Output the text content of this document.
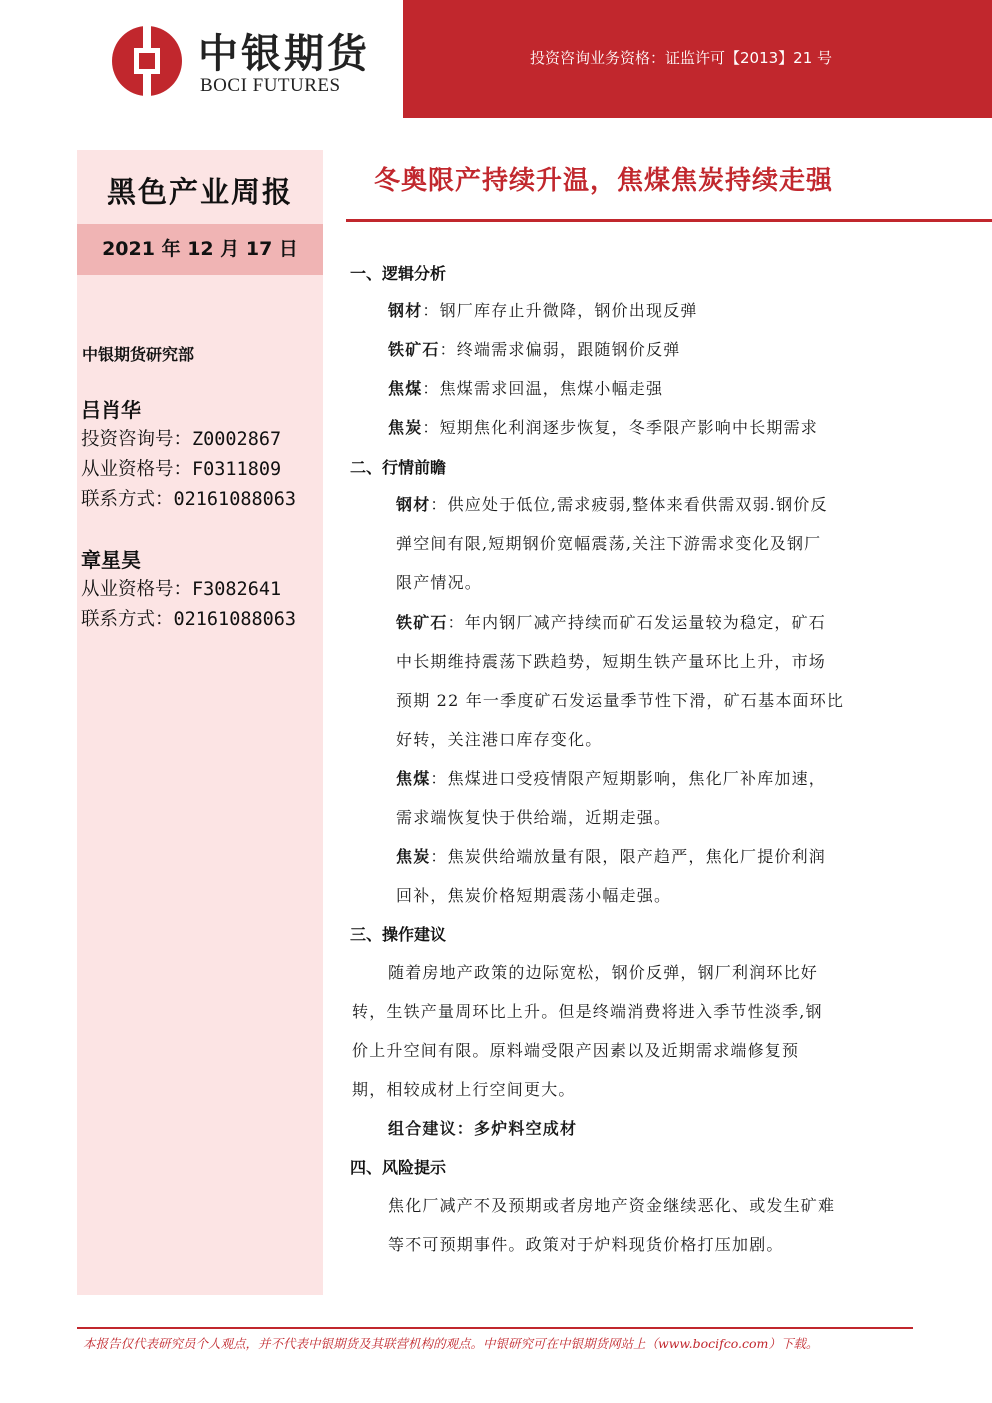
中银期货
BOCI FUTURES
投资咨询业务资格：证监许可【2013】21 号
黑色产业周报
2021 年 12 月 17 日
中银期货研究部
吕肖华
投资咨询号：Z0002867
从业资格号：F0311809
联系方式：02161088063
章星昊
从业资格号：F3082641
联系方式：02161088063
冬奥限产持续升温，焦煤焦炭持续走强
一、逻辑分析
钢材：钢厂库存止升微降，钢价出现反弹
铁矿石：终端需求偏弱，跟随钢价反弹
焦煤：焦煤需求回温，焦煤小幅走强
焦炭：短期焦化利润逐步恢复，冬季限产影响中长期需求
二、行情前瞻
钢材：供应处于低位,需求疲弱,整体来看供需双弱.钢价反
弹空间有限,短期钢价宽幅震荡,关注下游需求变化及钢厂
限产情况。
铁矿石：年内钢厂减产持续而矿石发运量较为稳定，矿石
中长期维持震荡下跌趋势，短期生铁产量环比上升，市场
预期 22 年一季度矿石发运量季节性下滑，矿石基本面环比
好转，关注港口库存变化。
焦煤：焦煤进口受疫情限产短期影响，焦化厂补库加速，
需求端恢复快于供给端，近期走强。
焦炭：焦炭供给端放量有限，限产趋严，焦化厂提价利润
回补，焦炭价格短期震荡小幅走强。
三、操作建议
随着房地产政策的边际宽松，钢价反弹，钢厂利润环比好
转，生铁产量周环比上升。但是终端消费将进入季节性淡季,钢
价上升空间有限。原料端受限产因素以及近期需求端修复预
期，相较成材上行空间更大。
组合建议：多炉料空成材
四、风险提示
焦化厂减产不及预期或者房地产资金继续恶化、或发生矿难
等不可预期事件。政策对于炉料现货价格打压加剧。
本报告仅代表研究员个人观点，并不代表中银期货及其联营机构的观点。中银研究可在中银期货网站上（www.bocifco.com）下载。
